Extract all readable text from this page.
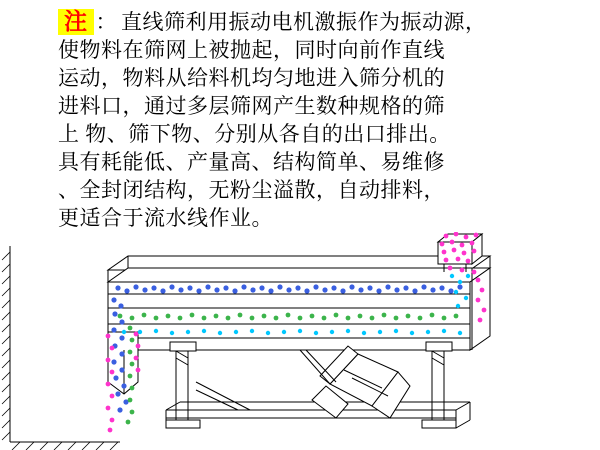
注 ： 直线筛利用振动电机激振作为振动源，
使物料在筛网上被抛起，同时向前作直线
运动，物料从给料机均匀地进入筛分机的
进料口，通过多层筛网产生数种规格的筛
上 物、筛下物、分别从各自的出口排出。
具有耗能低、产量高、结构简单、易维修
、全封闭结构，无粉尘溢散，自动排料，
更适合于流水线作业。
